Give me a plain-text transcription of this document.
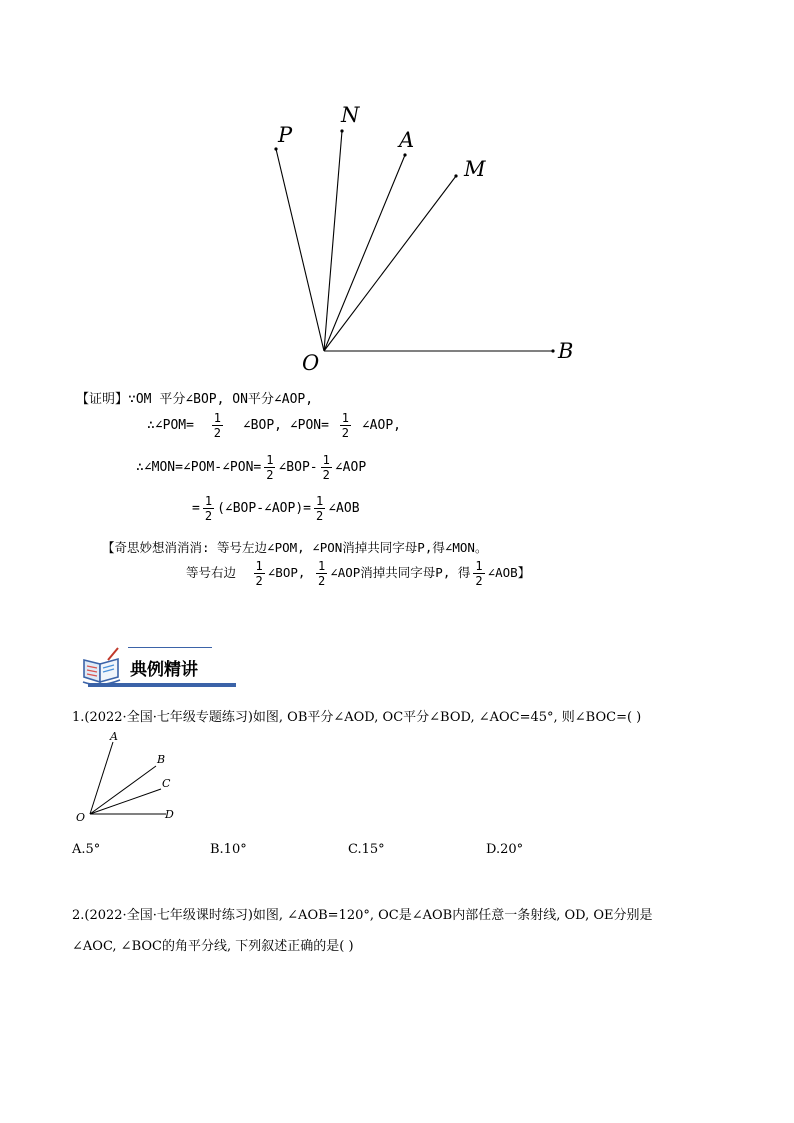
P
N
A
M
O	B
【证明】∵OM 平分∠BOP, ON平分∠AOP,
∴∠POM= $\frac{1}{2}$ ∠BOP, ∠PON= $\frac{1}{2}$ ∠AOP,
∴∠MON=∠POM-∠PON= $\frac{1}{2}$ ∠BOP- $\frac{1}{2}$ ∠AOP
= $\frac{1}{2}$ (∠BOP-∠AOP)= $\frac{1}{2}$ ∠AOB
【奇思妙想消消消: 等号左边∠POM, ∠PON消掉共同字母P,得∠MON。
等号右边 $\frac{1}{2}$ ∠BOP, $\frac{1}{2}$ ∠AOP消掉共同字母P, 得 $\frac{1}{2}$ ∠AOB】
典例精讲
1.(2022·全国·七年级专题练习)如图, OB平分∠AOD, OC平分∠BOD, ∠AOC=45°, 则∠BOC=( )
A
B
C
D
O
A.5°	B.10°	C.15°	D.20°
2.(2022·全国·七年级课时练习)如图, ∠AOB=120°, OC是∠AOB内部任意一条射线, OD, OE分别是
∠AOC, ∠BOC的角平分线, 下列叙述正确的是( )
